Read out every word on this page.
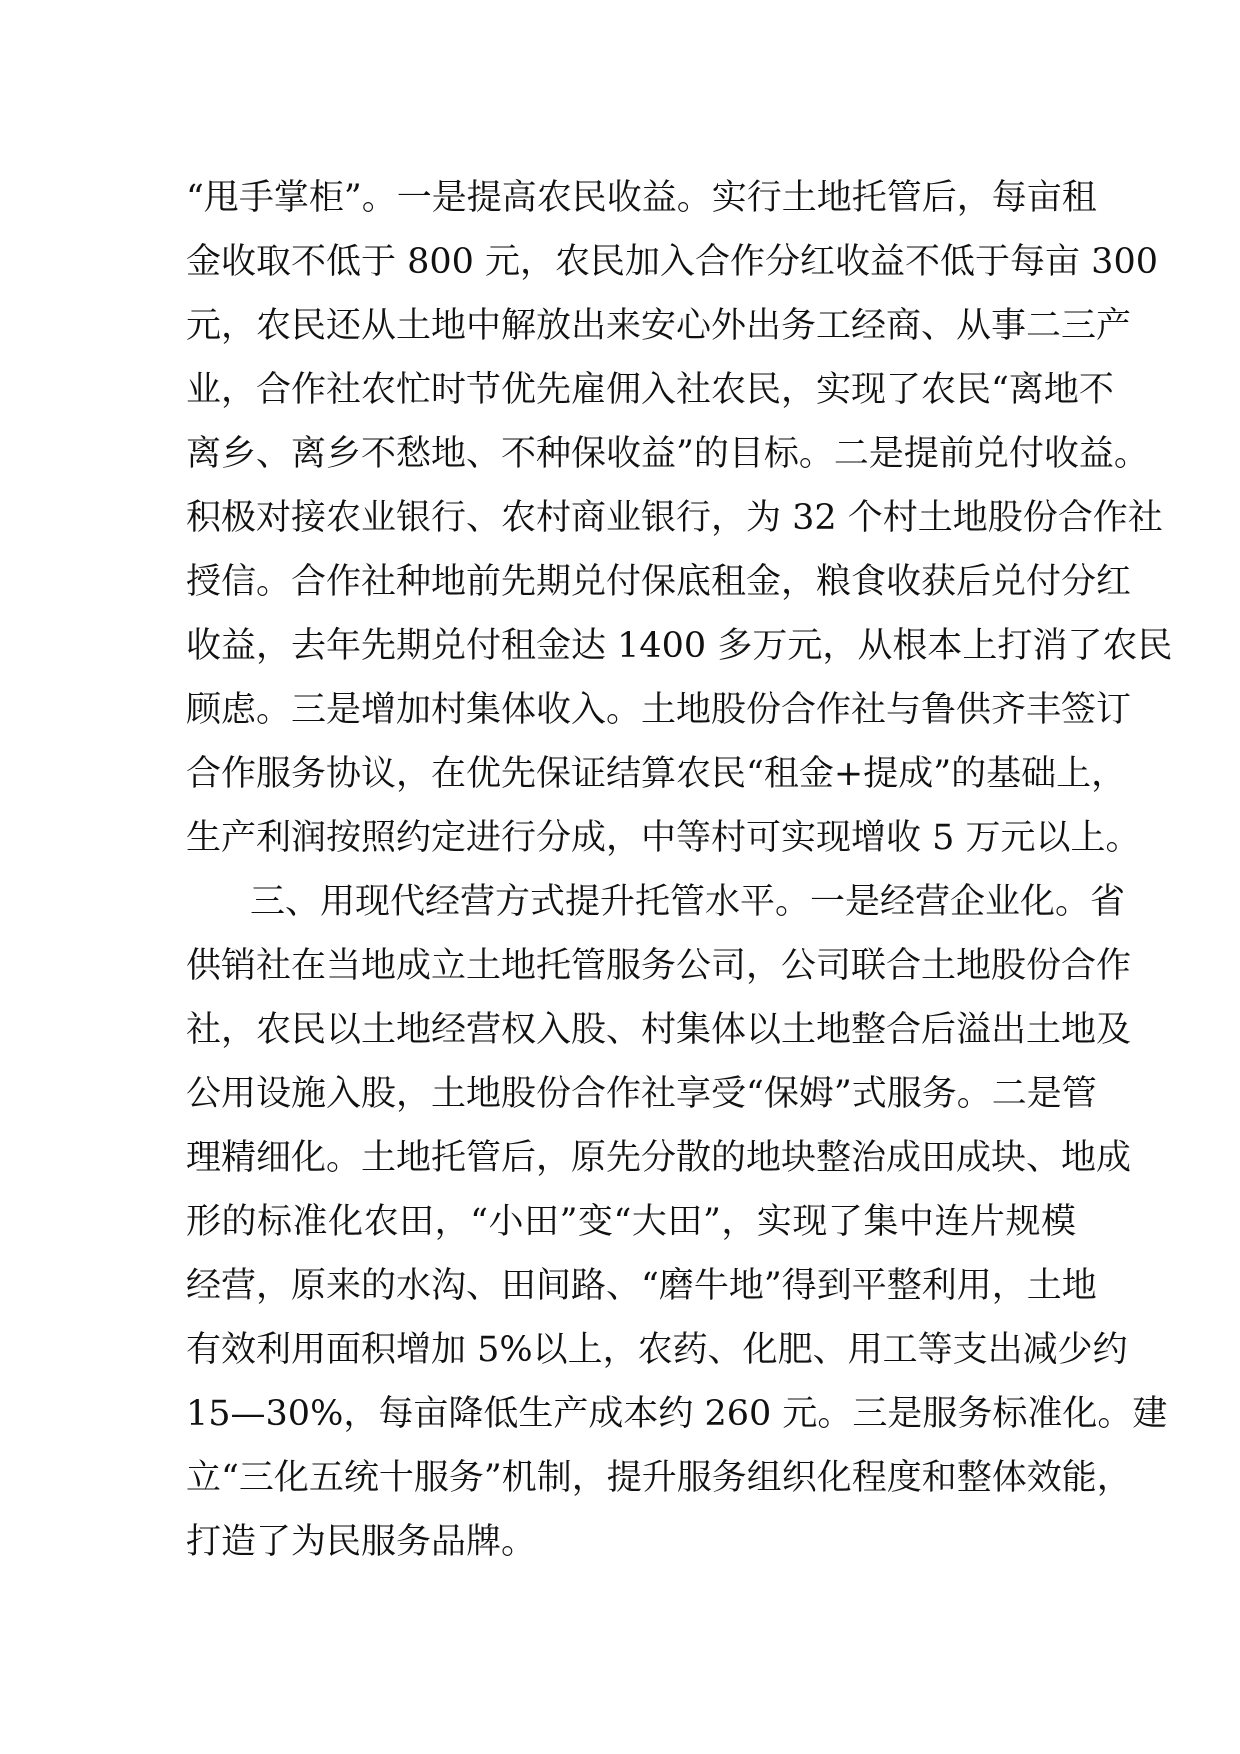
“甩手掌柜”。一是提高农民收益。实行土地托管后，每亩租
金收取不低于 800 元，农民加入合作分红收益不低于每亩 300
元，农民还从土地中解放出来安心外出务工经商、从事二三产
业，合作社农忙时节优先雇佣入社农民，实现了农民“离地不
离乡、离乡不愁地、不种保收益”的目标。二是提前兑付收益。
积极对接农业银行、农村商业银行，为 32 个村土地股份合作社
授信。合作社种地前先期兑付保底租金，粮食收获后兑付分红
收益，去年先期兑付租金达 1400 多万元，从根本上打消了农民
顾虑。三是增加村集体收入。土地股份合作社与鲁供齐丰签订
合作服务协议，在优先保证结算农民“租金+提成”的基础上，
生产利润按照约定进行分成，中等村可实现增收 5 万元以上。
三、用现代经营方式提升托管水平。一是经营企业化。省
供销社在当地成立土地托管服务公司，公司联合土地股份合作
社，农民以土地经营权入股、村集体以土地整合后溢出土地及
公用设施入股，土地股份合作社享受“保姆”式服务。二是管
理精细化。土地托管后，原先分散的地块整治成田成块、地成
形的标准化农田，“小田”变“大田”，实现了集中连片规模
经营，原来的水沟、田间路、“磨牛地”得到平整利用，土地
有效利用面积增加 5%以上，农药、化肥、用工等支出减少约
15—30%，每亩降低生产成本约 260 元。三是服务标准化。建
立“三化五统十服务”机制，提升服务组织化程度和整体效能，
打造了为民服务品牌。
